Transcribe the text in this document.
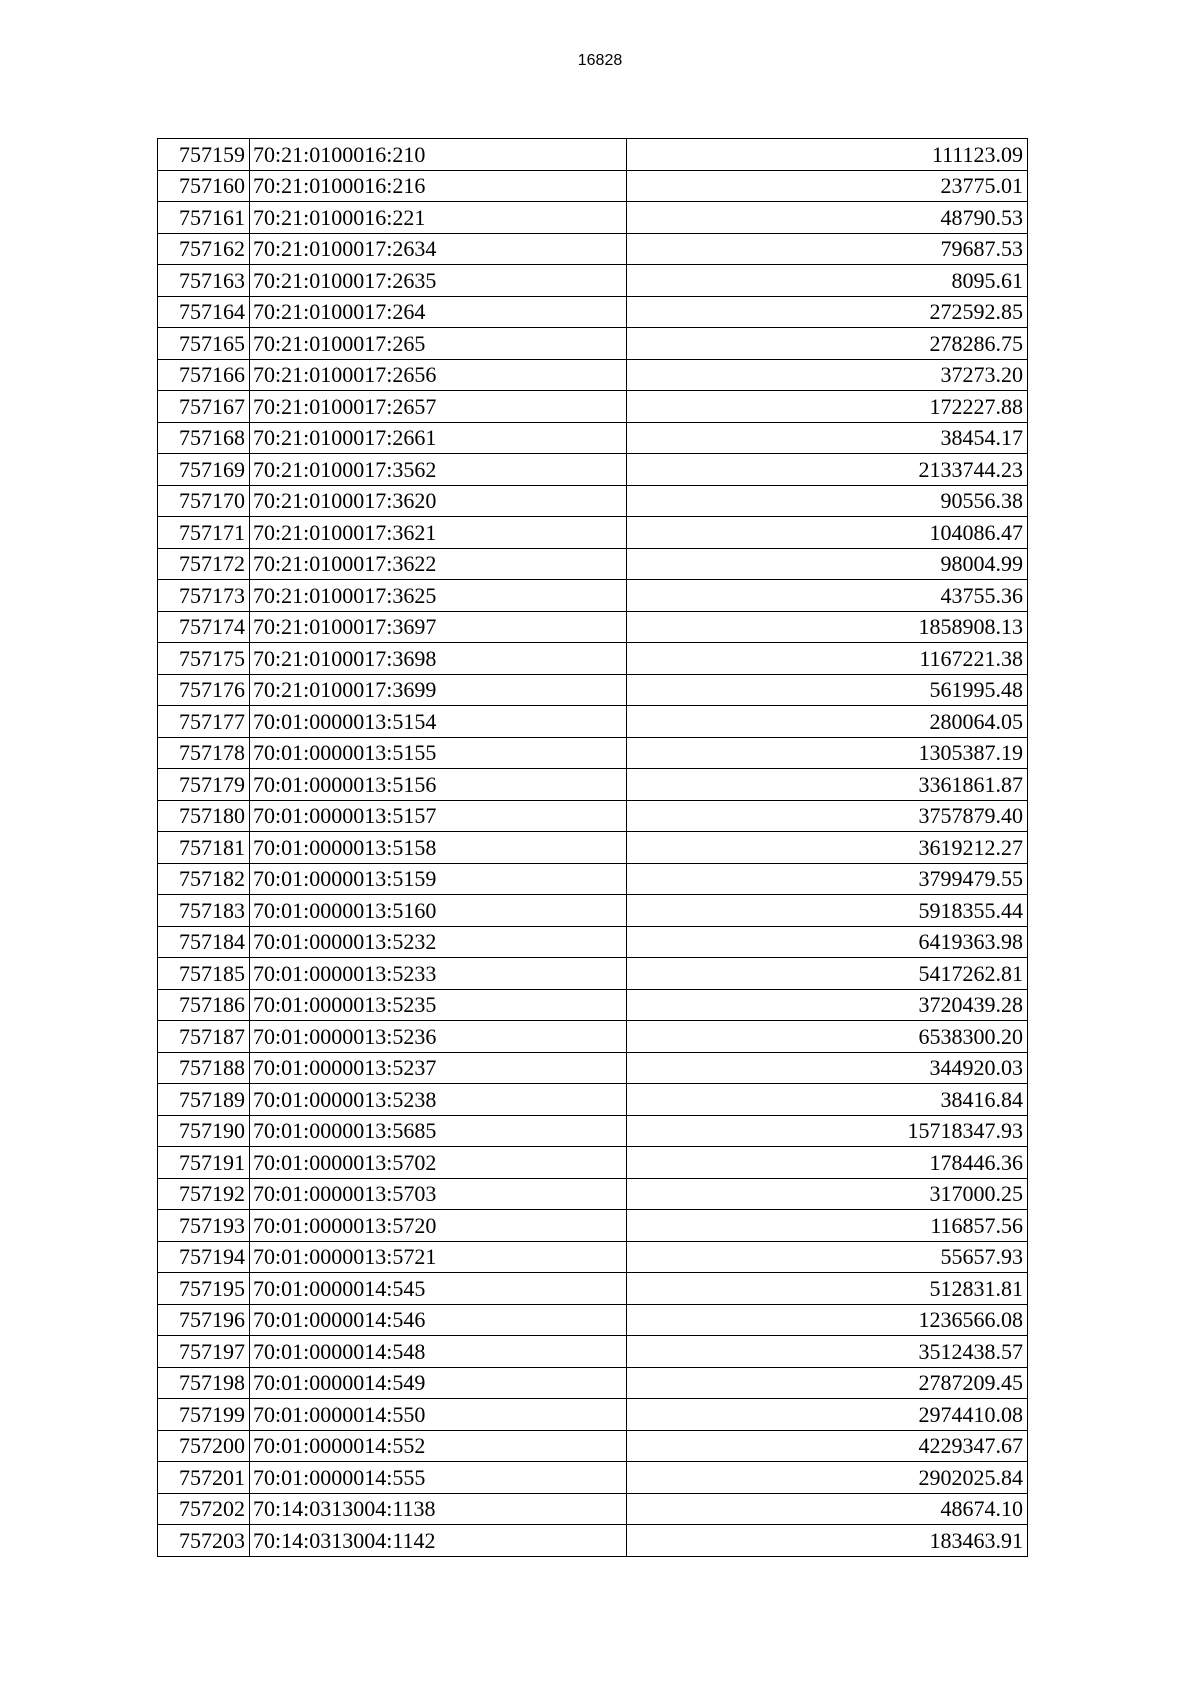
16828
757159	70:21:0100016:210	111123.09
757160	70:21:0100016:216	23775.01
757161	70:21:0100016:221	48790.53
757162	70:21:0100017:2634	79687.53
757163	70:21:0100017:2635	8095.61
757164	70:21:0100017:264	272592.85
757165	70:21:0100017:265	278286.75
757166	70:21:0100017:2656	37273.20
757167	70:21:0100017:2657	172227.88
757168	70:21:0100017:2661	38454.17
757169	70:21:0100017:3562	2133744.23
757170	70:21:0100017:3620	90556.38
757171	70:21:0100017:3621	104086.47
757172	70:21:0100017:3622	98004.99
757173	70:21:0100017:3625	43755.36
757174	70:21:0100017:3697	1858908.13
757175	70:21:0100017:3698	1167221.38
757176	70:21:0100017:3699	561995.48
757177	70:01:0000013:5154	280064.05
757178	70:01:0000013:5155	1305387.19
757179	70:01:0000013:5156	3361861.87
757180	70:01:0000013:5157	3757879.40
757181	70:01:0000013:5158	3619212.27
757182	70:01:0000013:5159	3799479.55
757183	70:01:0000013:5160	5918355.44
757184	70:01:0000013:5232	6419363.98
757185	70:01:0000013:5233	5417262.81
757186	70:01:0000013:5235	3720439.28
757187	70:01:0000013:5236	6538300.20
757188	70:01:0000013:5237	344920.03
757189	70:01:0000013:5238	38416.84
757190	70:01:0000013:5685	15718347.93
757191	70:01:0000013:5702	178446.36
757192	70:01:0000013:5703	317000.25
757193	70:01:0000013:5720	116857.56
757194	70:01:0000013:5721	55657.93
757195	70:01:0000014:545	512831.81
757196	70:01:0000014:546	1236566.08
757197	70:01:0000014:548	3512438.57
757198	70:01:0000014:549	2787209.45
757199	70:01:0000014:550	2974410.08
757200	70:01:0000014:552	4229347.67
757201	70:01:0000014:555	2902025.84
757202	70:14:0313004:1138	48674.10
757203	70:14:0313004:1142	183463.91
